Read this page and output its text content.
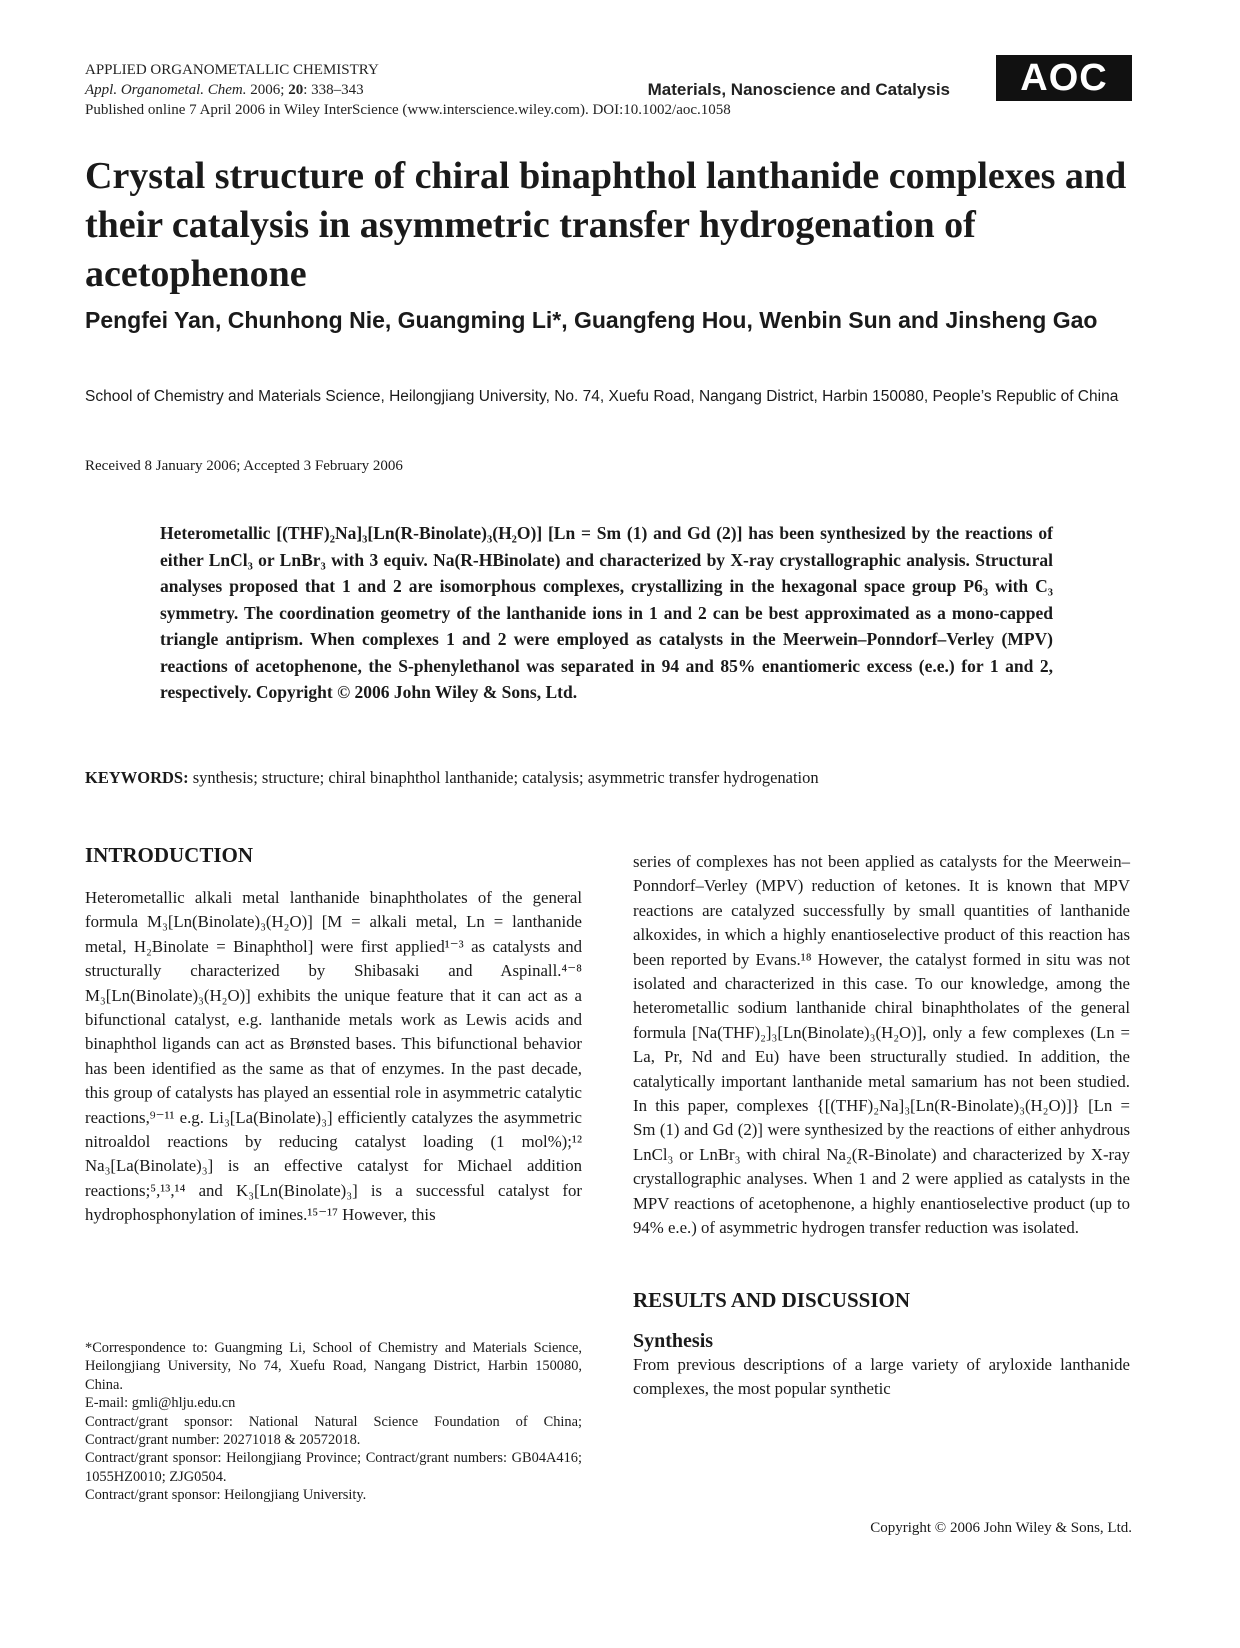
APPLIED ORGANOMETALLIC CHEMISTRY
Appl. Organometal. Chem. 2006; 20: 338–343
Published online 7 April 2006 in Wiley InterScience (www.interscience.wiley.com). DOI:10.1002/aoc.1058
Materials, Nanoscience and Catalysis	AOC
Crystal structure of chiral binaphthol lanthanide complexes and their catalysis in asymmetric transfer hydrogenation of acetophenone
Pengfei Yan, Chunhong Nie, Guangming Li*, Guangfeng Hou, Wenbin Sun and Jinsheng Gao
School of Chemistry and Materials Science, Heilongjiang University, No. 74, Xuefu Road, Nangang District, Harbin 150080, People’s Republic of China
Received 8 January 2006; Accepted 3 February 2006
Heterometallic [(THF)₂Na]₃[Ln(R-Binolate)₃(H₂O)] [Ln = Sm (1) and Gd (2)] has been synthesized by the reactions of either LnCl₃ or LnBr₃ with 3 equiv. Na(R-HBinolate) and characterized by X-ray crystallographic analysis. Structural analyses proposed that 1 and 2 are isomorphous complexes, crystallizing in the hexagonal space group P6₃ with C₃ symmetry. The coordination geometry of the lanthanide ions in 1 and 2 can be best approximated as a mono-capped triangle antiprism. When complexes 1 and 2 were employed as catalysts in the Meerwein–Ponndorf–Verley (MPV) reactions of acetophenone, the S-phenylethanol was separated in 94 and 85% enantiomeric excess (e.e.) for 1 and 2, respectively. Copyright © 2006 John Wiley & Sons, Ltd.
KEYWORDS: synthesis; structure; chiral binaphthol lanthanide; catalysis; asymmetric transfer hydrogenation
INTRODUCTION

Heterometallic alkali metal lanthanide binaphtholates of the general formula M₃[Ln(Binolate)₃(H₂O)] [M = alkali metal, Ln = lanthanide metal, H₂Binolate = Binaphthol] were first applied¹⁻³ as catalysts and structurally characterized by Shibasaki and Aspinall.⁴⁻⁸ M₃[Ln(Binolate)₃(H₂O)] exhibits the unique feature that it can act as a bifunctional catalyst, e.g. lanthanide metals work as Lewis acids and binaphthol ligands can act as Brønsted bases. This bifunctional behavior has been identified as the same as that of enzymes. In the past decade, this group of catalysts has played an essential role in asymmetric catalytic reactions,⁹⁻¹¹ e.g. Li₃[La(Binolate)₃] efficiently catalyzes the asymmetric nitroaldol reactions by reducing catalyst loading (1 mol%);¹² Na₃[La(Binolate)₃] is an effective catalyst for Michael addition reactions;⁵,¹³,¹⁴ and K₃[Ln(Binolate)₃] is a successful catalyst for hydrophosphonylation of imines.¹⁵⁻¹⁷ However, this

*Correspondence to: Guangming Li, School of Chemistry and Materials Science, Heilongjiang University, No 74, Xuefu Road, Nangang District, Harbin 150080, China.

E-mail: gmli@hlju.edu.cn

Contract/grant sponsor: National Natural Science Foundation of China; Contract/grant number: 20271018 & 20572018.

Contract/grant sponsor: Heilongjiang Province; Contract/grant numbers: GB04A416; 1055HZ0010; ZJG0504.

Contract/grant sponsor: Heilongjiang University.

series of complexes has not been applied as catalysts for the Meerwein–Ponndorf–Verley (MPV) reduction of ketones. It is known that MPV reactions are catalyzed successfully by small quantities of lanthanide alkoxides, in which a highly enantioselective product of this reaction has been reported by Evans.¹⁸ However, the catalyst formed in situ was not isolated and characterized in this case. To our knowledge, among the heterometallic sodium lanthanide chiral binaphtholates of the general formula [Na(THF)₂]₃[Ln(Binolate)₃(H₂O)], only a few complexes (Ln = La, Pr, Nd and Eu) have been structurally studied. In addition, the catalytically important lanthanide metal samarium has not been studied. In this paper, complexes {[(THF)₂Na]₃[Ln(R-Binolate)₃(H₂O)]} [Ln = Sm (1) and Gd (2)] were synthesized by the reactions of either anhydrous LnCl₃ or LnBr₃ with chiral Na₂(R-Binolate) and characterized by X-ray crystallographic analyses. When 1 and 2 were applied as catalysts in the MPV reactions of acetophenone, a highly enantioselective product (up to 94% e.e.) of asymmetric hydrogen transfer reduction was isolated.

RESULTS AND DISCUSSION
Synthesis

From previous descriptions of a large variety of aryloxide lanthanide complexes, the most popular synthetic

Copyright © 2006 John Wiley & Sons, Ltd.
